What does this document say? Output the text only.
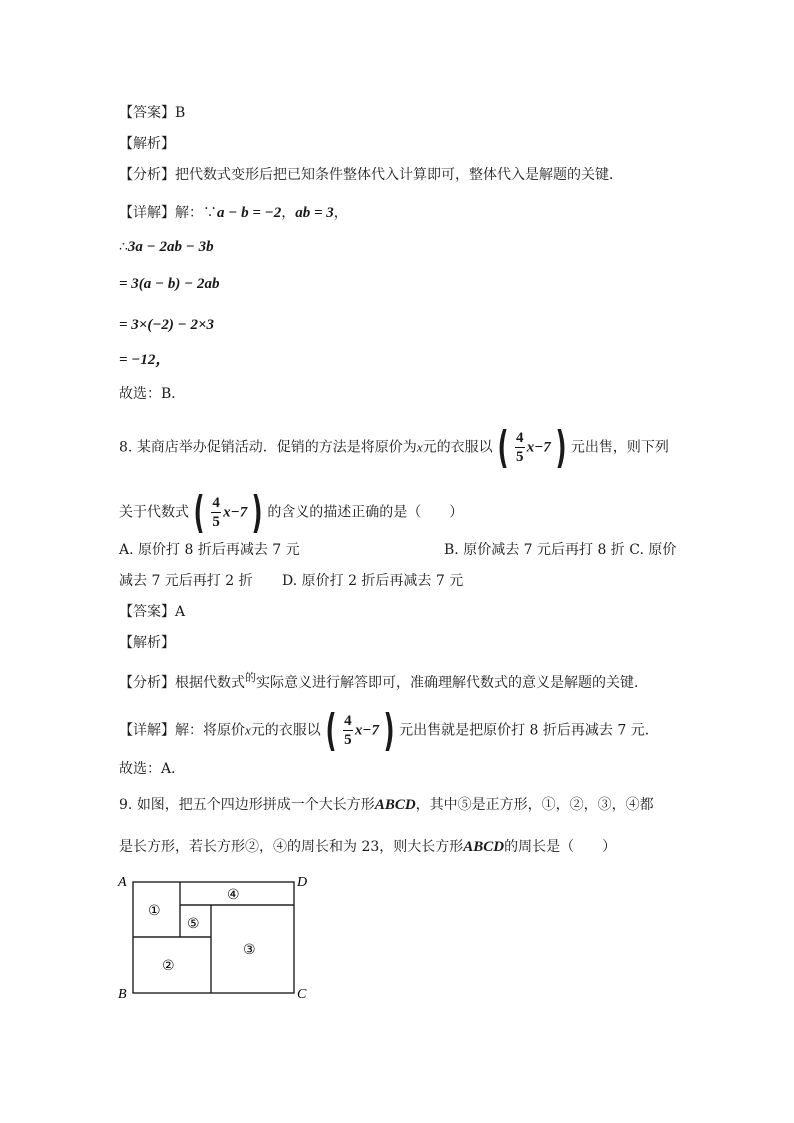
【答案】B
【解析】
【分析】把代数式变形后把已知条件整体代入计算即可，整体代入是解题的关键．
【详解】解：∵a − b = −2，ab = 3，
∴3a − 2ab − 3b
= 3(a − b) − 2ab
= 3×(−2) − 2×3
= −12，
故选：B．
8. 某商店举办促销活动．促销的方法是将原价为x元的衣服以 ( $\frac{4}{5} x-7$ ) 元出售，则下列
关于代数式 ( $\frac{4}{5} x-7$ ) 的含义的描述正确的是（　　）
A. 原价打 8 折后再减去 7 元	B. 原价减去 7 元后再打 8 折 C. 原价
减去 7 元后再打 2 折 D. 原价打 2 折后再减去 7 元
【答案】A
【解析】
【分析】根据代数式$^的$实际意义进行解答即可，准确理解代数式的意义是解题的关键．
【详解】解：将原价x元的衣服以 ( $\frac{4}{5} x-7$ ) 元出售就是把原价打 8 折后再减去 7 元．
故选：A．
9. 如图，把五个四边形拼成一个大长方形ABCD，其中⑤是正方形，①，②，③，④都
是长方形，若长方形②，④的周长和为 23，则大长方形ABCD的周长是（　　）
A
B	C
D
①
②
③
④
⑤
